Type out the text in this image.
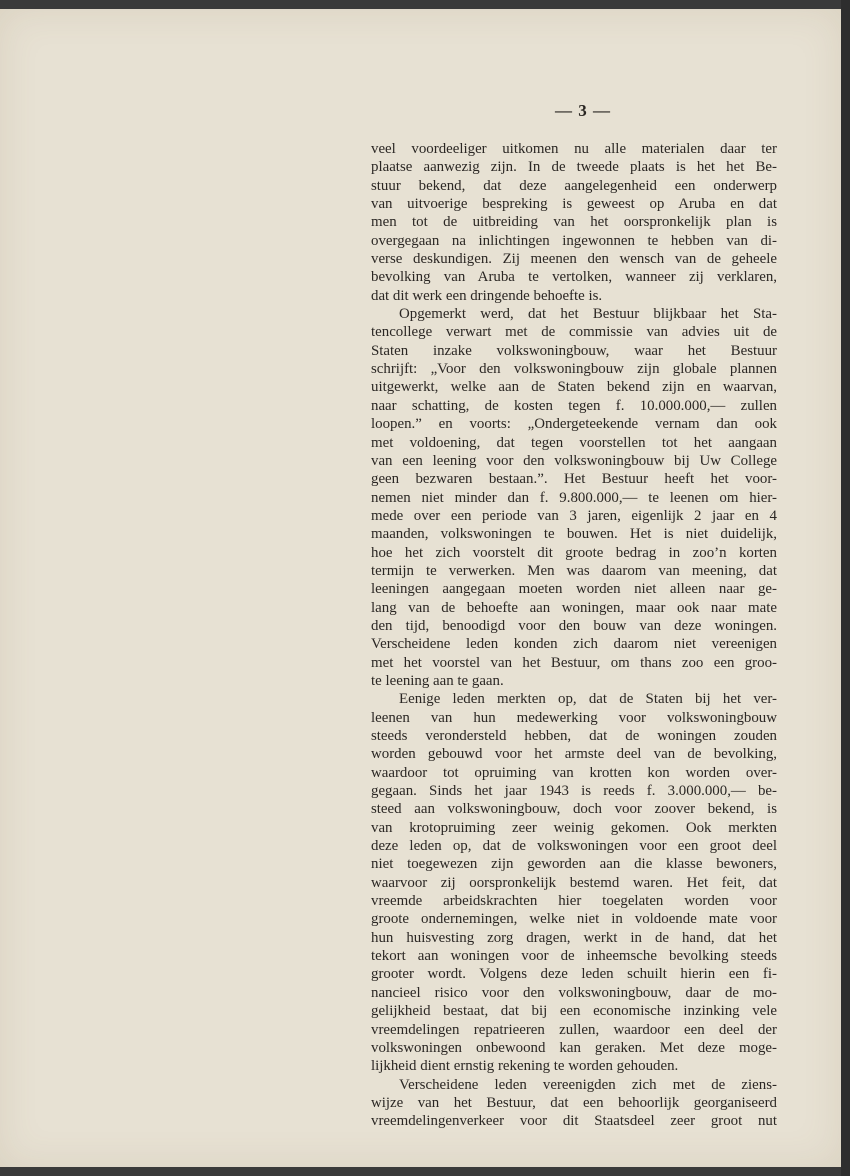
— 3 —
veel voordeeliger uitkomen nu alle materialen daar ter
plaatse aanwezig zijn. In de tweede plaats is het het Be-
stuur bekend, dat deze aangelegenheid een onderwerp
van uitvoerige bespreking is geweest op Aruba en dat
men tot de uitbreiding van het oorspronkelijk plan is
overgegaan na inlichtingen ingewonnen te hebben van di-
verse deskundigen. Zij meenen den wensch van de geheele
bevolking van Aruba te vertolken, wanneer zij verklaren,
dat dit werk een dringende behoefte is.
Opgemerkt werd, dat het Bestuur blijkbaar het Sta-
tencollege verwart met de commissie van advies uit de
Staten inzake volkswoningbouw, waar het Bestuur
schrijft: „Voor den volkswoningbouw zijn globale plannen
uitgewerkt, welke aan de Staten bekend zijn en waarvan,
naar schatting, de kosten tegen f. 10.000.000,— zullen
loopen.” en voorts: „Ondergeteekende vernam dan ook
met voldoening, dat tegen voorstellen tot het aangaan
van een leening voor den volkswoningbouw bij Uw College
geen bezwaren bestaan.”. Het Bestuur heeft het voor-
nemen niet minder dan f. 9.800.000,— te leenen om hier-
mede over een periode van 3 jaren, eigenlijk 2 jaar en 4
maanden, volkswoningen te bouwen. Het is niet duidelijk,
hoe het zich voorstelt dit groote bedrag in zoo’n korten
termijn te verwerken. Men was daarom van meening, dat
leeningen aangegaan moeten worden niet alleen naar ge-
lang van de behoefte aan woningen, maar ook naar mate
den tijd, benoodigd voor den bouw van deze woningen.
Verscheidene leden konden zich daarom niet vereenigen
met het voorstel van het Bestuur, om thans zoo een groo-
te leening aan te gaan.
Eenige leden merkten op, dat de Staten bij het ver-
leenen van hun medewerking voor volkswoningbouw
steeds verondersteld hebben, dat de woningen zouden
worden gebouwd voor het armste deel van de bevolking,
waardoor tot opruiming van krotten kon worden over-
gegaan. Sinds het jaar 1943 is reeds f. 3.000.000,— be-
steed aan volkswoningbouw, doch voor zoover bekend, is
van krotopruiming zeer weinig gekomen. Ook merkten
deze leden op, dat de volkswoningen voor een groot deel
niet toegewezen zijn geworden aan die klasse bewoners,
waarvoor zij oorspronkelijk bestemd waren. Het feit, dat
vreemde arbeidskrachten hier toegelaten worden voor
groote ondernemingen, welke niet in voldoende mate voor
hun huisvesting zorg dragen, werkt in de hand, dat het
tekort aan woningen voor de inheemsche bevolking steeds
grooter wordt. Volgens deze leden schuilt hierin een fi-
nancieel risico voor den volkswoningbouw, daar de mo-
gelijkheid bestaat, dat bij een economische inzinking vele
vreemdelingen repatrieeren zullen, waardoor een deel der
volkswoningen onbewoond kan geraken. Met deze moge-
lijkheid dient ernstig rekening te worden gehouden.
Verscheidene leden vereenigden zich met de ziens-
wijze van het Bestuur, dat een behoorlijk georganiseerd
vreemdelingenverkeer voor dit Staatsdeel zeer groot nut
